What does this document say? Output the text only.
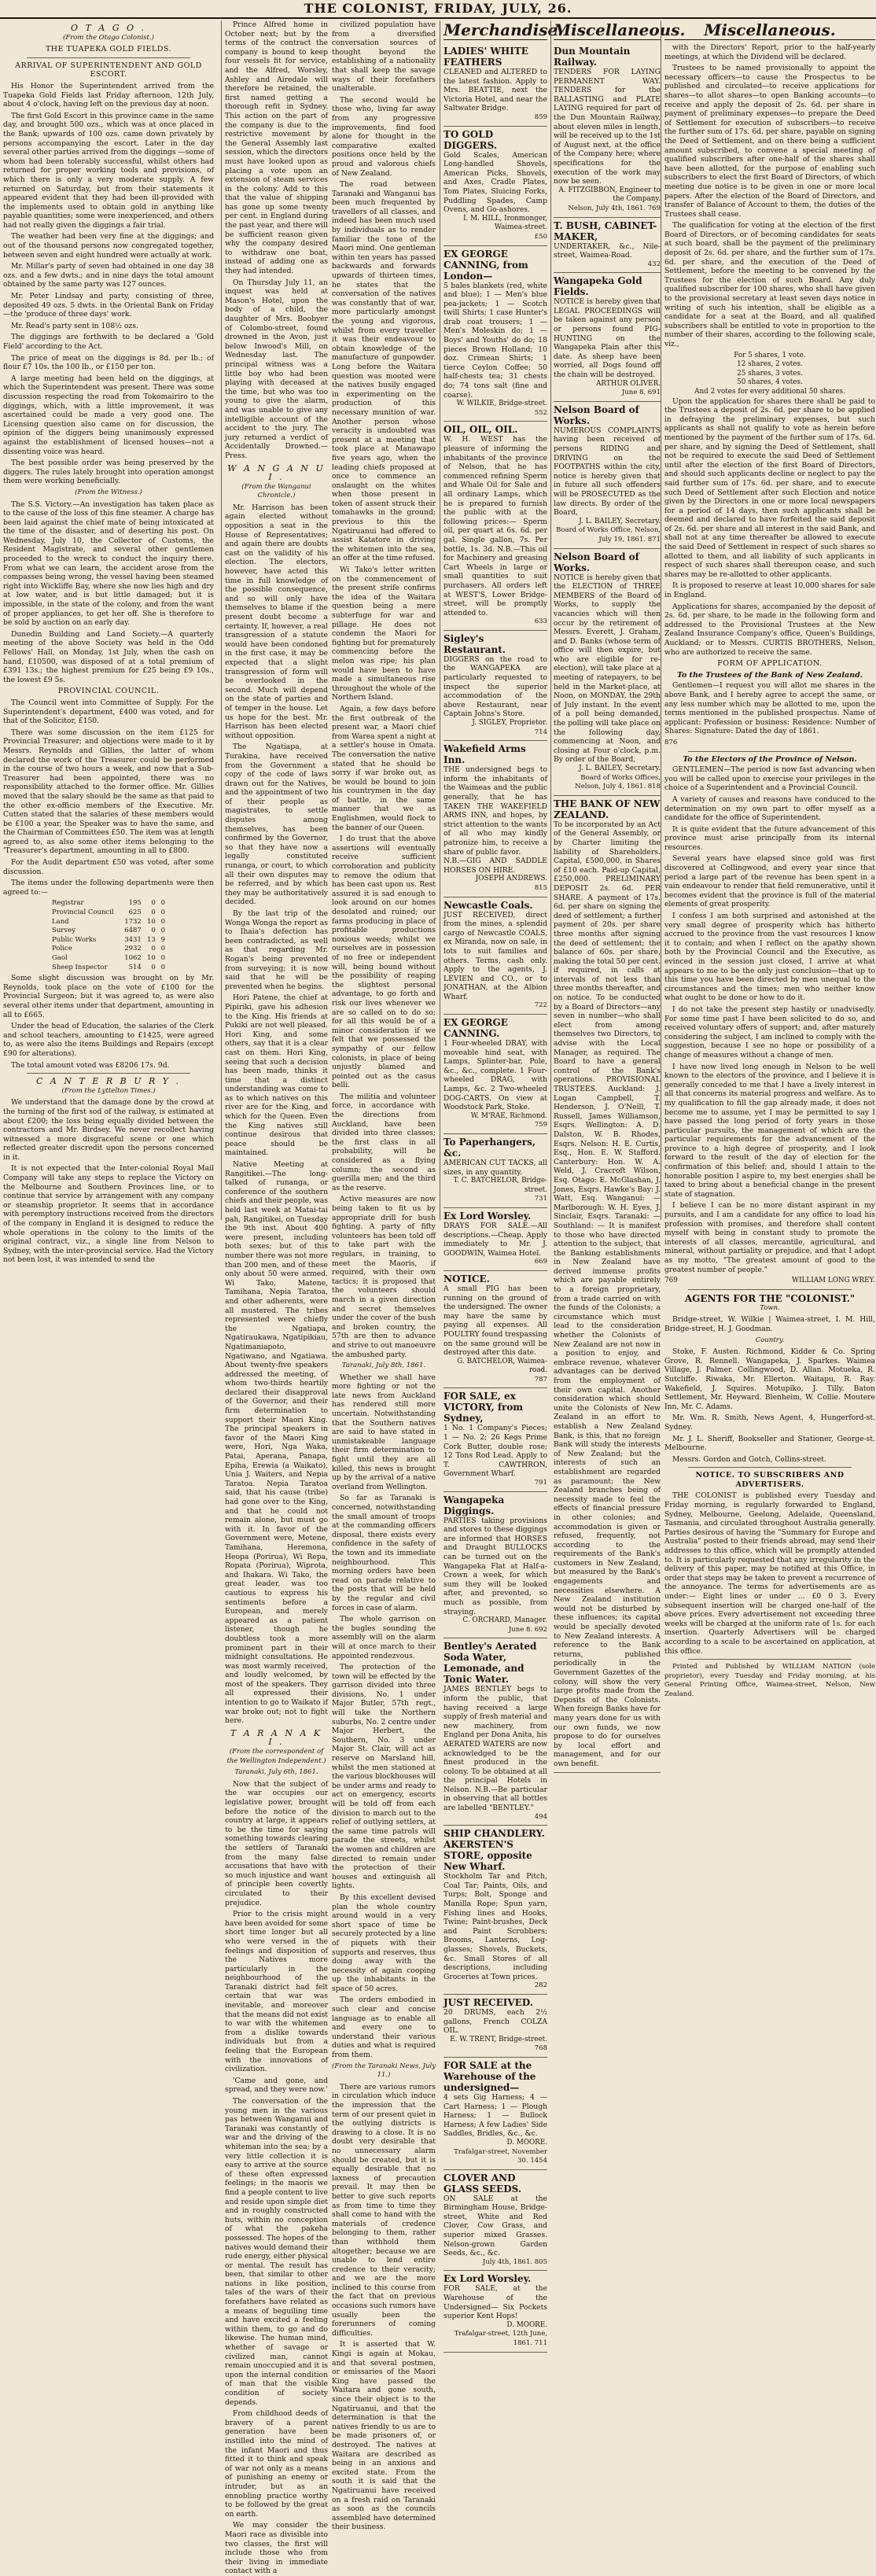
THE COLONIST, FRIDAY, JULY, 26.
O T A G O .
(From the Otago Colonist.)
THE TUAPEKA GOLD FIELDS.
ARRIVAL OF SUPERINTENDENT AND GOLD ESCORT.

His Honor the Superintendent arrived from the Tuapeka Gold Fields last Friday afternoon, 12th July, about 4 o'clock, having left on the previous day at noon.

The first Gold Escort in this province came in the same day, and brought 500 ozs., which was at once placed in the Bank; upwards of 100 ozs. came down privately by persons accompanying the escort. Later in the day several other parties arrived from the diggings —some of whom had been tolerably successful, whilst others had returned for proper working tools and provisions, of which there is only a very moderate supply. A few returned on Saturday, but from their statements it appeared evident that they had been ill-provided with the implements used to obtain gold in anything like payable quantities; some were inexperienced, and others had not really given the diggings a fair trial.

The weather had been very fine at the diggings; and out of the thousand persons now congregated together, between seven and eight hundred were actually at work.

Mr. Millar's party of seven had obtained in one day 38 ozs. and a few dwts.; and in nine days the total amount obtained by the same party was 127 ounces.

Mr. Peter Lindsay and party, consisting of three, deposited 49 ozs. 5 dwts. in the Oriental Bank on Friday—the 'produce of three days' work.

Mr. Read's party sent in 108½ ozs.

The diggings are forthwith to be declared a 'Gold Field' according to the Act.

The price of meat on the diggings is 8d. per lb.; of flour £7 10s. the 100 lb., or £150 per ton.

A large meeting had been held on the diggings, at which the Superintendent was present. There was some discussion respecting the road from Tokomairiro to the diggings, which, with a little improvement, it was ascertained could be made a very good one. The Licensing question also came on for discussion, the opinion of the diggers being unanimously expressed against the establishment of licensed houses—not a dissenting voice was heard.

The best possible order was being preserved by the diggers. The rules lately brought into operation amongst them were working beneficially.

(From the Witness.)

The S.S. Victory.—An investigation has taken place as to the cause of the loss of this fine steamer. A charge has been laid against the chief mate of being intoxicated at the time of the disaster, and of deserting his post. On Wednesday, July 10, the Collector of Customs, the Resident Magistrate, and several other gentlemen proceeded to the wreck to conduct the inquiry there. From what we can learn, the accident arose from the compasses being wrong, the vessel having been steamed right into Wickliffe Bay, where she now lies high and dry at low water, and is but little damaged; but it is impossible, in the state of the colony, and from the want of proper appliances, to get her off. She is therefore to be sold by auction on an early day.

Dunedin Building and Land Society.—A quarterly meeting of the above Society was held in the Odd Fellows' Hall, on Monday, 1st July, when the cash on hand, £10500, was disposed of at a total premium of £391 13s.; the highest premium for £25 being £9 10s., the lowest £9 5s.

PROVINCIAL COUNCIL.

The Council went into Committee of Supply. For the Superintendent's department, £400 was voted, and for that of the Solicitor, £150.

There was some discussion on the item £125 for Provincial Treasurer; and objections were made to it by Messrs. Reynolds and Gillies, the latter of whom declared the work of the Treasurer could be performed in the course of two hours a week, and now that a Sub-Treasurer had been appointed, there was no responsibility attached to the former office. Mr. Gillies moved that the salary should be the same as that paid to the other ex-officio members of the Executive. Mr. Cutten stated that the salaries of these members would be £100 a year, the Speaker was to have the same, and the Chairman of Committees £50. The item was at length agreed to, as also some other items belonging to the 'Treasurer's department, amounting in all to £800.

For the Audit department £50 was voted, after some discussion.

The items under the following departments were then agreed to:—

Registrar	195	0	0
Provincial Council	625	0	0
Land	1732	10	0
Survey	6487	0	0
Public Works	3431	13	9
Police	2932	0	0
Gaol	1062	10	0
Sheep Inspector	514	0	0

Some slight discussion was brought on by Mr. Reynolds, took place on the vote of £100 for the Provincial Surgeon; but it was agreed to, as were also several other items under that department, amounting in all to £665.

Under the head of Education, the salaries of the Clerk and school teachers, amounting to £1425, were agreed to, as were also the items Buildings and Repairs (except £90 for alterations).

The total amount voted was £8206 17s. 9d.

C A N T E R B U R Y .
(From the Lyttelton Times.)

We understand that the damage done by the crowd at the turning of the first sod of the railway, is estimated at about £200; the loss being equally divided between the contractors and Mr. Birdsey. We never recollect having witnessed a more disgraceful scene or one which reflected greater discredit upon the persons concerned in it.

It is not expected that the Inter-colonial Royal Mail Company will take any steps to replace the Victory on the Melbourne and Southern Provinces line, or to continue that service by arrangement with any company or steamship proprietor. It seems that in accordance with peremptory instructions received from the directors of the company in England it is designed to reduce the whole operations in the colony to the limits of the original contract, viz., a single line from Nelson to Sydney, with the inter-provincial service. Had the Victory not been lost, it was intended to send the

Prince Alfred home in October next; but by the terms of the contract the company is bound to keep four vessels fit for service, and the Alfred, Worsley, Ashley and Airedale will therefore be retained, the first named getting a thorough refit in Sydney. This action on the part of the company is due to the restrictive movement by the General Assembly last session, which the directors must have looked upon as placing a vote upon an extension of steam services in the colony. Add to this that the value of shipping has gone up some twenty per cent. in England during the past year, and there will be sufficient reason given why the company desired to withdraw one boat, instead of adding one as they had intended.

On Thursday July 11, an inquest was held at Mason's Hotel, upon the body of a child, the daughter of Mrs. Boobyer of Colombo-street, found drowned in the Avon, just below Inwood's Mill, on Wednesday last. The principal witness was a little boy who had been playing with deceased at the time, but who was too young to give the alarm, and was unable to give any intelligible account of the accident to the jury. The jury returned a verdict of Accidentally Drowned.—Press.

W A N G A N U I .
(From the Wanganui Chronicle.)

Mr. Harrison has been again elected without opposition a seat in the House of Representatives; and again there are doubts cast on the validity of his election. The electors, however, have acted this time in full knowledge of the possible consequence, and so will only have themselves to blame if the present doubt become a certainty. If, however, a real transgression of a statute would have been condoned in the first case, it may be expected that a slight transgression of form will be overlooked in the second. Much will depend on the state of parties and of temper in the house. Let us hope for the best. Mr. Harrison has been elected without opposition.

The Ngatiapa, at Turakina, have received from the Government a copy of the code of laws drawn out for the Natives, and the appointment of two of their people as magistrates, to settle disputes among themselves, has been confirmed by the Governor, so that they have now a legally constituted runanga, or court, to which all their own disputes may be referred, and by which they may be authoritatively decided.

By the last trip of the Wonga Wonga the report as to Ihaia's defection has been contradicted, as well as that regarding Mr. Rogan's being prevented from surveying; it is now said that he will be prevented when he begins.

Hori Patene, the chief at Pipiriki, gave his adhesion to the King. His friends at Pukiki are not well pleased. Hori King, and some others, say that it is a clear cast on them. Hori King, seeing that such a decision has been made, thinks it time that a distinct understanding was come to as to which natives on this river are for the King, and which for the Queen. Even the King natives still continue desirous that peace should be maintained.

Native Meeting at Rangitikei.—The long-talked of runanga, or conference of the southern chiefs and their people, was held last week at Matai-tai pah, Rangitikei, on Tuesday the 9th inst. About 400 were present, including both sexes; but of this number there was not more than 200 men, and of these only about 50 were armed. Wi Tako, Matene, Tamihana, Nepia Taratoa, and other adherents, were all mustered. The tribes represented were chiefly the Ngatiapa, Ngatiraukawa, Ngatipikiau, Ngatimaniapoto, Ngatiwano, and Ngatiawa. About twenty-five speakers addressed the meeting, of whom two-thirds heartily declared their disapproval of the Governor, and their firm determination to support their Maori King. The principal speakers in favor of the Maori King were, Hori, Nga Waka, Patai, Aperana, Panapa, Epiha, Erewia (a Waikato), Unia J. Waiters, and Nepia Taratoa. Nepia Taratoa said, that his cause (tribe) had gone over to the King, and that he could not remain alone, but must go with it. In favor of the Government were, Metene, Tamihana, Heremona, Heopa (Porirua), Wi Repa, Ropata (Porirua), Wiprota, and Ihakara. Wi Tako, the great leader, was too cautious to express his sentiments before a European, and merely appeared as a patient listener, though he doubtless took a more prominent part in their midnight consultations. He was most warmly received, and loudly welcomed, by most of the speakers. They all expressed their intention to go to Waikato if war broke out; not to fight here.

T A R A N A K I .
(From the correspondent of the Wellington Independent.)
Taranaki, July 6th, 1861.

Now that the subject of the war occupies our legislative power, brought before the notice of the country at large, it appears to be the time for saying something towards clearing the settlers of Taranaki from the many false accusations that have with so much injustice and want of principle been covertly circulated to their prejudice.

Prior to the crisis might have been avoided for some short time longer but all who were versed in the feelings and disposition of the Natives more particularly in the neighbourhood of the Taranaki district had felt certain that war was inevitable, and moreover that the means did not exist to war with the whitemen from a dislike towards individuals but from a feeling that the European with the innovations of civilization.

'Came and gone, and spread, and they were now.'

The conversation of the young men in the various pas between Wanganui and Taranaki was constantly of war and the driving of the whiteman into the sea; by a very little collection it is easy to arrive at the source of these often expressed feelings; in the maoris we find a people content to live and reside upon simple diet and in roughly constructed huts, within no conception of what the pakeha possessed. The hopes of the natives would demand their rude energy, either physical or mental. The result has been, that similar to other nations in like position, tales of the wars of their forefathers have related as a means of beguiling time and have excited a feeling within them, to go and do likewise. The human mind, whether of savage or civilized man, cannot remain unoccupied and it is upon the internal condition of man that the visible condition of society depends.

From childhood deeds of bravery of a parent generation have been instilled into the mind of the infant Maori and thus fitted it to think and speak of war not only as a means of punishing an enemy or intruder, but as an ennobling practice worthy to be followed by the great on earth.

We may consider the Maori race as divisible into two classes, the first will include those who from their living in immediate contact with a

civilized population have from a diversified conversation sources of thought beyond the establishing of a nationality that shall keep the savage ways of their forefathers unalterable.

The second would be those who, living far away from any progressive improvements, find food alone for thought in the comparative exalted positions once held by the proud and valorous chiefs of New Zealand.

The road between Taranaki and Wanganui has been much frequented by travellers of all classes, and indeed has been much used by individuals as to render familiar the tone of the Maori mind. One gentleman within ten years has passed backwards and forwards upwards of thirteen times, he states that the conversation of the natives was constantly that of war, more particularly amongst the young and vigorous, whilst from every traveller it was their endeavour to obtain knowledge of the manufacture of gunpowder. Long before the Waitara question was mooted were the natives busily engaged in experimenting on the production of this necessary munition of war. Another person whose veracity is undoubted was present at a meeting that took place at Manawapo five years ago, when the leading chiefs proposed at once to commence an onslaught on the whites when those present in token of assent struck their tomahawks in the ground; previous to this the Ngatiruanui had offered to assist Katatore in driving the whitemen into the sea, an offer at the time refused.

Wi Tako's letter written on the commencement of the present strife confirms the idea of the Waitara question being a mere subterfuge for war and pillage. He does not condemn the Maori for fighting but for prematurely commencing before the melon was ripe; his plan would have been to have made a simultaneous rise throughout the whole of the Northern Island.

Again, a few days before the first outbreak of the present war, a Maori chief from Warea spent a night at a settler's house in Omata. The conversation the native stated that he should be sorry if war broke out, as he would be bound to join his countrymen in the day of battle, in the same manner that we as Englishmen, would flock to the banner of our Queen.

I do trust that the above assertions will eventually receive sufficient corroboration and publicity to remove the odium that has been cast upon us. Rest assured it is sad enough to look around on our homes desolated and ruined; our farms producing in place of profitable productions noxious weeds; whilst we ourselves are in possession of no free or independent will, being bound without the possibility of reaping the slightest personal advantage, to go forth and risk our lives whenever we are so called on to do so; for all this would be of a minor consideration if we felt that we possessed the sympathy of our fellow colonists, in place of being unjustly blamed and pointed out as the casus belli.

The militia and volunteer force, in accordance with the directions from Auckland, have been divided into three classes; the first class in all probability, will be considered as a flying column; the second as guerilla men; and the third as the reserve.

Active measures are now being taken to fit us by appropriate drill for bush fighting. A party of fifty volunteers has been told off to take part with the regulars, in training, to meet the Maoris, if required, with their own tactics; it is proposed that the volunteers should march in a given direction and secret themselves under the cover of the bush and broken country, the 57th are then to advance and strive to out manoeuvre the ambushed party.

Taranaki, July 8th, 1861.

Whether we shall have more fighting or not the late news from Auckland has rendered still more uncertain. Notwithstanding that the Southern natives are said to have stated in unmistakeable language their firm determination to fight until they are all killed, this news is brought up by the arrival of a native overland from Wellington.

So far as Taranaki is concerned, notwithstanding the small amount of troops at the commanding officers disposal, there exists every confidence in the safety of the town and its immediate neighbourhood. This morning orders have been read on parade relative to the posts that will be held by the regular and civil forces in case of alarm.

The whole garrison on the bugles sounding the assembly will on the alarm will at once march to their appointed rendezvous.

The protection of the town will be effected by the garrison divided into three divisions, No. 1 under Major Butler, 57th regt., will take the Northern suburbs, No. 2 centre under Major Herbert, the Southern, No. 3 under Major St. Clair, will act as reserve on Marsland hill, whilst the men stationed at the various blockhouses will be under arms and ready to act on emergency, escorts will be told off from each division to march out to the relief of outlying settlers, at the same time patrols will parade the streets, whilst the women and children are directed to remain under the protection of their houses and extinguish all lights.

By this excellent devised plan the whole country around would in a very short space of time be securely protected by a line of piquets with their supports and reserves, thus doing away with the necessity of again cooping up the inhabitants in the space of 50 acres.

The orders embodied in such clear and concise language as to enable all and every one to understand their various duties and what is required from them.

(From the Taranaki News, July 11.)

There are various rumors in circulation which induce the impression that the term of our present quiet in the outlying districts is drawing to a close. It is no doubt very desirable that no unnecessary alarm should be created, but it is equally desirable that no laxness of precaution prevail. It may then be better to give such reports as from time to time they shall come to hand with the materials of credence belonging to them, rather than withhold them altogether; because we are unable to lend entire credence to their veracity; and we are the more inclined to this course from the fact that on previous occasions such rumors have usually been the forerunners of coming difficulties.

It is asserted that W. Kingi is again at Mokau, and that several postmen, or emissaries of the Maori King have passed the Waitara and gone south, since their object is to the Ngatiruanui, and that the determination is that the natives friendly to us are to be made prisoners of, or destroyed. The natives at Waitara are described as being in an anxious and excited state. From the south it is said that the Ngatiruanui have received on a fresh raid on Taranaki as soon as the councils assembled have determined their business.

Merchandise.
LADIES' WHITE FEATHERS
CLEANED and ALTERED to the latest fashion. Apply to Mrs. BEATTIE, next the Victoria Hotel, and near the Saltwater Bridge.
859
TO GOLD DIGGERS.
Gold Scales, American Long-handled Shovels, American Picks, Shovels, and Axes, Cradle Plates, Tom Plates, Sluicing Forks, Puddling Spades, Camp Ovens, and Go-ashores.
I. M. HILL, Ironmonger, Waimea-street.
£50
EX GEORGE CANNING, from London—
5 bales blankets (red, white and blue); 1 — Men's blue pea-jackets; 1 — Scotch twill Shirts; 1 case Hunter's drab coat trousers; 1 — Men's Moleskin do; 1 — Boys' and Youths' do do; 18 pieces Brown Holland; 10 doz. Crimean Shirts; 1 tierce Ceylon Coffee; 50 half-chests tea; 31 chests do; 74 tons salt (fine and coarse).
W. WILKIE, Bridge-street.
552
OIL, OIL, OIL.
W. H. WEST has the pleasure of informing the inhabitants of the province of Nelson, that he has commenced refining Sperm and Whale Oil for Sale and all ordinary Lamps, which he is prepared to furnish the public with at the following prices:— Sperm oil, per quart at 6s. 6d. per gal. Single gallon, 7s. Per bottle, 1s. 3d. N.B.—This oil for Machinery and greasing Cart Wheels in large or small quantities to suit purchasers. All orders left at WEST'S, Lower Bridge-street, will be promptly attended to.
633
Sigley's Restaurant.
DIGGERS on the road to the WANGAPEKA are particularly requested to inspect the superior accommodation of the above Restaurant, near Captain Johns's Store.
J. SIGLEY, Proprietor.
714
Wakefield Arms Inn.
THE undersigned begs to inform the inhabitants of the Waimeas and the public generally, that he has TAKEN THE WAKEFIELD ARMS INN, and hopes, by strict attention to the wants of all who may kindly patronize him, to receive a share of public favor.
N.B.—GIG AND SADDLE HORSES ON HIRE.
JOSEPH ANDREWS.
815
Newcastle Coals.
JUST RECEIVED, direct from the mines, a splendid cargo of Newcastle COALS, ex Miranda, now on sale, in lots to suit families and others. Terms, cash only. Apply to the agents, J. LEVIEN and CO., or to JONATHAN, at the Albion Wharf.
722
EX GEORGE CANNING.
1 Four-wheeled DRAY, with moveable hind seat, with Lamps, Splinter-bar, Pole, &c., &c., complete. 1 Four-wheeled DRAG, with Lamps, &c. 2 Two-wheeled DOG-CARTS. On view at Woodstock Park, Stoke.
W. M'RAE, Richmond.
759
To Paperhangers, &c.
AMERICAN CUT TACKS, all sizes, in any quantity.
T. C. BATCHELOR, Bridge-street.
731
Ex Lord Worsley.
DRAYS FOR SALE.—All descriptions.—Cheap. Apply immediately to Mr. J. GOODWIN, Waimea Hotel.
669
NOTICE.
A small PIG has been running on the ground of the undersigned. The owner may have the same by paying all expenses. All POULTRY found trespassing on the same ground will be destroyed after this date.
G. BATCHELOR, Waimea-road.
787
FOR SALE, ex VICTORY, from Sydney,
1 No. 1 Company's Pieces; 1 — No. 2; 26 Kegs Prime Cork Butter, double rose; 12 Tons Rod Lead. Apply to T. CAWTHRON, Government Wharf.
791
Wangapeka Diggings.
PARTIES taking provisions and stores to these diggings are informed that HORSES and Draught BULLOCKS can be turned out on the Wangapeka Flat at Half-a-Crown a week, for which sum they will be looked after, and prevented, so much as possible, from straying.
C. ORCHARD, Manager.
June 8. 692
Bentley's Aerated Soda Water, Lemonade, and Tonic Water.
JAMES BENTLEY begs to inform the public, that having received a large supply of fresh material and new machinery, from England per Dona Anita, his AERATED WATERS are now acknowledged to be the finest produced in the colony. To be obtained at all the principal Hotels in Nelson. N.B.—Be particular in observing that all bottles are labelled "BENTLEY."
494
SHIP CHANDLERY. AKERSTEN'S STORE, opposite New Wharf.
Stockholm Tar and Pitch, Coal Tar; Paints, Oils, and Turps; Bolt, Sponge and Manilla Rope; Spun yarn, Fishing lines and Hooks, Twine; Paint-brushes, Deck and Paint Scrubbers; Brooms, Lanterns, Log-glasses; Shovels, Buckets, &c. Small Stores of all descriptions, including Groceries at Town prices.
282
JUST RECEIVED.
20 DRUMS, each 2½ gallons, French COLZA OIL.
E. W. TRENT, Bridge-street.
768
FOR SALE at the Warehouse of the undersigned—
4 sets Gig Harness; 4 — Cart Harness; 1 — Plough Harness; 1 — Bullock Harness; A few Ladies' Side Saddles, Bridles, &c., &c.
D. MOORE.
Trafalgar-street, November 30. 1454
CLOVER AND GLASS SEEDS.
ON SALE at the Birmingham House, Bridge-street, White and Red Clover, Cow Grass, and superior mixed Grasses. Nelson-grown Garden Seeds, &c., &c.
July 4th, 1861. 805
Ex Lord Worsley.
FOR SALE, at the Warehouse of the Undersigned— Six Pockets superior Kent Hops!
D. MOORE.
Trafalgar-street, 12th June, 1861. 711
Miscellaneous.
Dun Mountain Railway.
TENDERS FOR LAYING PERMANENT WAY. TENDERS for the BALLASTING and PLATE LAYING required for part of the Dun Mountain Railway, about eleven miles in length, will be received up to the 1st of August next, at the office of the Company here; where specifications for the execution of the work may now be seen.
A. FITZGIBBON, Engineer to the Company.
Nelson, July 4th, 1861. 769
T. BUSH, CABINET-MAKER,
UNDERTAKER, &c., Nile-street, Waimea-Road.
432
Wangapeka Gold Fields.
NOTICE is hereby given that LEGAL PROCEEDINGS will be taken against any person or persons found PIG-HUNTING on the Wangapeka Plain after this date. As sheep have been worried, all Dogs found off the chain will be destroyed.
ARTHUR OLIVER.
June 8. 691
Nelson Board of Works.
NUMEROUS COMPLAINTS having been received of persons RIDING and DRIVING on the FOOTPATHS within the city, notice is hereby given that in future all such offenders will be PROSECUTED as the law directs. By order of the Board,
J. L. BAILEY, Secretary.
Board of Works Office, Nelson, July 19, 1861. 871
Nelson Board of Works.
NOTICE is hereby given that the ELECTION of THREE MEMBERS of the Board of Works, to supply the vacancies which will then occur by the retirement of Messrs. Everett, J. Graham, and D. Banks (whose term of office will then expire, but who are eligible for re-election), will take place at a meeting of ratepayers, to be held in the Market-place, at Noon, on MONDAY, the 29th of July instant. In the event of a poll being demanded, the polling will take place on the following day, commencing at Noon, and closing at Four o'clock, p.m. By order of the Board,
J. L. BAILEY, Secretary.
Board of Works Offices, Nelson, July 4, 1861. 818
THE BANK OF NEW ZEALAND.
To be incorporated by an Act of the General Assembly, or by Charter limiting the liability of Shareholders. Capital, £500,000, in Shares of £10 each. Paid-up Capital, £250,000. PRELIMINARY DEPOSIT 2s. 6d. PER SHARE. A payment of 17s. 6d. per share on signing the deed of settlement; a further payment of 20s. per share three months after signing the deed of settlement; the balance of 60s. per share, making the total 50 per cent. if required, in calls at intervals of not less than three months thereafter, and on notice. To be conducted by a Board of Directors—any seven in number—who shall elect from among themselves two Directors, to advise with the Local Manager, as required. The Board to have a general control of the Bank's operations. PROVISIONAL TRUSTEES. Auckland: J. Logan Campbell, T. Henderson, J. O'Neill, T. Russell, James Williamson, Esqrs. Wellington: A. D. Dalston, W. B. Rhodes, Esqrs. Nelson: H. E. Curtis, Esq., Hon. E. W. Stafford. Canterbury: Hon. W. A. Weld, J. Cracroft Wilson, Esq. Otago: E. McGlashan, J. Jones, Esqrs. Hawke's Bay: J. Watt, Esq. Wanganui: — Marlborough: W. H. Eyes, J. Sinclair, Esqrs. Taranaki: — Southland: — It is manifest to those who have directed attention to the subject, that the Banking establishments in New Zealand have derived immense profits which are payable entirely to a foreign proprietary, from a trade carried on with the funds of the Colonists; a circumstance which must lead to the consideration whether the Colonists of New Zealand are not now in a position to enjoy, and embrace revenue, whatever advantages can be derived from the employment of their own capital. Another consideration which should unite the Colonists of New Zealand in an effort to establish a New Zealand Bank, is this, that no foreign Bank will study the interests of New Zealand; but the interests of such an establishment are regarded as paramount; the New Zealand branches being of necessity made to feel the effects of financial pressure in other colonies; and accommodation is given or refused, frequently, not according to the requirements of the Bank's customers in New Zealand, but measured by the Bank's engagements and necessities elsewhere. A New Zealand institution would not be disturbed by these influences; its capital would be specially devoted to New Zealand interests. A reference to the Bank returns, published periodically in the Government Gazettes of the colony, will show the very large profits made from the Deposits of the Colonists. When foreign Banks have for many years done for us with our own funds, we now propose to do for ourselves by local effort and management, and for our own benefit.
Miscellaneous.

with the Directors' Report, prior to the half-yearly meetings, at which the Dividend will be declared.

Trustees to be named provisionally to appoint the necessary officers—to cause the Prospectus to be published and circulated—to receive applications for shares—to allot shares—to open Banking accounts—to receive and apply the deposit of 2s. 6d. per share in payment of preliminary expenses—to prepare the Deed of Settlement for execution of subscribers—to receive the further sum of 17s. 6d. per share, payable on signing the Deed of Settlement, and on there being a sufficient amount subscribed, to convene a special meeting of qualified subscribers after one-half of the shares shall have been allotted, for the purpose of enabling such subscribers to elect the first Board of Directors, of which meeting due notice is to be given in one or more local papers. After the election of the Board of Directors, and transfer of Balance of Account to them, the duties of the Trustees shall cease.

The qualification for voting at the election of the first Board of Directors, or of becoming candidates for seats at such board, shall be the payment of the preliminary deposit of 2s. 6d. per share, and the further sum of 17s. 6d. per share, and the execution of the Deed of Settlement, before the meeting to be convened by the Trustees for the election of such Board. Any duly qualified subscriber for 100 shares, who shall have given to the provisional secretary at least seven days notice in writing of such his intention, shall be eligible as a candidate for a seat at the Board, and all qualified subscribers shall be entitled to vote in proportion to the number of their shares, according to the following scale, viz.,

For 5 shares, 1 vote.
12 shares, 2 votes.
25 shares, 3 votes.
50 shares, 4 votes.
And 2 votes for every additional 50 shares.

Upon the application for shares there shall be paid to the Trustees a deposit of 2s. 6d. per share to be applied in defraying the preliminary expenses, but such applicants as shall not qualify to vote as herein before mentioned by the payment of the further sum of 17s. 6d. per share, and by signing the Deed of Settlement, shall not be required to execute the said Deed of Settlement until after the election of the first Board of Directors, and should such applicants decline or neglect to pay the said further sum of 17s. 6d. per share, and to execute such Deed of Settlement after such Election and notice given by the Directors in one or more local newspapers for a period of 14 days, then such applicants shall be deemed and declared to have forfeited the said deposit of 2s. 6d. per share and all interest in the said Bank, and shall not at any time thereafter be allowed to execute the said Deed of Settlement in respect of such shares so allotted to them, and all liability of such applicants in respect of such shares shall thereupon cease, and such shares may be re-allotted to other applicants.

It is proposed to reserve at least 10,000 shares for sale in England.

Applications for shares, accompanied by the deposit of 2s. 6d. per share, to be made in the following form and addressed to the Provisional Trustees at the New Zealand Insurance Company's office, Queen's Buildings, Auckland; or to Messrs. CURTIS BROTHERS, Nelson, who are authorized to receive the same.

FORM OF APPLICATION.
To the Trustees of the Bank of New Zealand.

Gentlemen—I request you will allot me shares in the above Bank, and I hereby agree to accept the same, or any less number which may be allotted to me, upon the terms mentioned in the published prospectus. Name of applicant: Profession or business: Residence: Number of Shares: Signature: Dated the day of 1861.

876
To the Electors of the Province of Nelson.

GENTLEMEN—The period is now fast advancing when you will be called upon to exercise your privileges in the choice of a Superintendent and a Provincial Council.

A variety of causes and reasons have conduced to the determination on my own part to offer myself as a candidate for the office of Superintendent.

It is quite evident that the future advancement of this province must arise principally from its internal resources.

Several years have elapsed since gold was first discovered at Collingwood, and every year since that period a large part of the revenue has been spent in a vain endeavour to render that field remunerative, until it becomes evident that the province is full of the material elements of great prosperity.

I confess I am both surprised and astonished at the very small degree of prosperity which has hitherto accrued to the province from the vast resources I know it to contain; and when I reflect on the apathy shown both by the Provincial Council and the Executive, as evinced in the session just closed, I arrive at what appears to me to be the only just conclusion—that up to this time you have been directed by men unequal to the circumstances and the times; men who neither know what ought to be done or how to do it.

I do not take the present step hastily or unadvisedly. For some time past I have been solicited to do so, and received voluntary offers of support; and, after maturely considering the subject, I am inclined to comply with the suggestion, because I see no hope or possibility of a change of measures without a change of men.

I have now lived long enough in Nelson to be well known to the electors of the province, and I believe it is generally conceded to me that I have a lively interest in all that concerns its material progress and welfare. As to my qualification to fill the gap already made, it does not become me to assume, yet I may be permitted to say I have passed the long period of forty years in those particular pursuits, the management of which are the particular requirements for the advancement of the province to a high degree of prosperity, and I look forward to the result of the day of election for the confirmation of this belief; and, should I attain to the honorable position I aspire to, my best energies shall be taxed to bring about a beneficial change in the present state of stagnation.

I believe I can be no more distant aspirant in my pursuits, and I am a candidate for any office to load his profession with promises, and therefore shall content myself with being in constant study to promote the interests of all classes, mercantile, agricultural, and mineral, without partiality or prejudice, and that I adopt as my motto, "The greatest amount of good to the greatest number of people."

769	WILLIAM LONG WREY.
AGENTS FOR THE "COLONIST."
Town.

Bridge-street, W. Wilkie | Waimea-street, I. M. Hill, Bridge-street, H. J. Goodman.

Country.

Stoke, F. Austen. Richmond, Kidder & Co. Spring Grove, R. Rennell. Wangapeka, J. Sparkes. Waimea Village, J. Palmer. Collingwood, D. Allan. Motueka, R. Sutcliffe. Riwaka, Mr. Ellerton. Waitapu, R. Ray. Wakefield, J. Squires. Motupiko, J. Tilly. Baton Settlement, Mr. Heyward. Blenheim, W. Collie. Moutere Inn, Mr. C. Adams.

Mr. Wm. R. Smith, News Agent, 4, Hungerford-st. Sydney.

Mr. J. L. Sheriff, Bookseller and Stationer, George-st. Melbourne.

Messrs. Gordon and Gotch, Collins-street.

NOTICE. TO SUBSCRIBERS AND ADVERTISERS.

THE COLONIST is published every Tuesday and Friday morning, is regularly forwarded to England, Sydney, Melbourne, Geelong, Adelaide, Queensland, Tasmania, and circulated throughout Australia generally. Parties desirous of having the "Summary for Europe and Australia" posted to their friends abroad, may send their addresses to this office, which will be promptly attended to. It is particularly requested that any irregularity in the delivery of this paper, may be notified at this Office, in order that steps may be taken to prevent a recurrence of the annoyance. The terms for advertisements are as under:— Eight lines or under ... £0 0 3. Every subsequent insertion will be charged one-half of the above prices. Every advertisement not exceeding three weeks will be charged at the uniform rate of 1s. for each insertion. Quarterly Advertisers will be charged according to a scale to be ascertained on application, at this office.

Printed and Published by WILLIAM NATION (sole proprietor), every Tuesday and Friday morning, at his General Printing Office, Waimea-street, Nelson, New Zealand.
